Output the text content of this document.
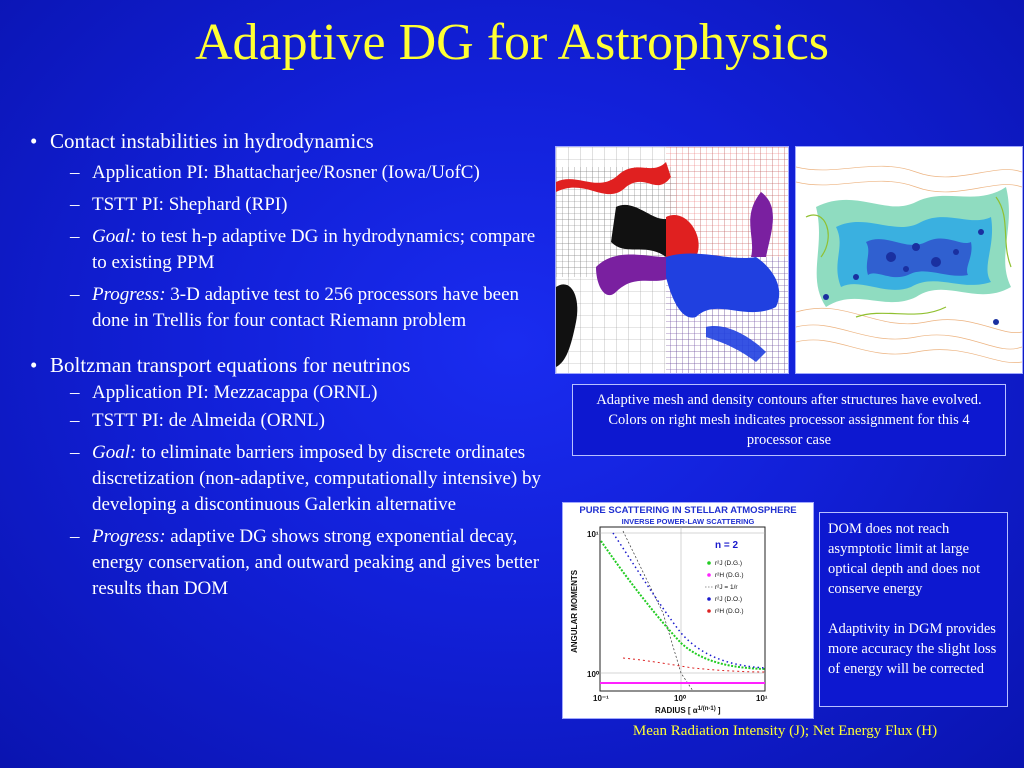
Adaptive DG for Astrophysics
• Contact instabilities in hydrodynamics
– Application PI: Bhattacharjee/Rosner (Iowa/UofC)
– TSTT PI: Shephard (RPI)
– Goal: to test h-p adaptive DG in hydrodynamics; compare to existing PPM
– Progress: 3-D adaptive test to 256 processors have been done in Trellis for four contact Riemann problem
• Boltzman transport equations for neutrinos
– Application PI: Mezzacappa (ORNL)
– TSTT PI: de Almeida (ORNL)
– Goal: to eliminate barriers imposed by discrete ordinates discretization (non-adaptive, computationally intensive) by developing a discontinuous Galerkin alternative
– Progress: adaptive DG shows strong exponential decay, energy conservation, and outward peaking and gives better results than DOM
Adaptive mesh and density contours after structures have evolved. Colors on right mesh indicates processor assignment for this 4 processor case
PURE SCATTERING IN STELLAR ATMOSPHERE
INVERSE POWER-LAW SCATTERING
n = 2
r²J (D.G.)
r²H (D.G.)
r²J = 1/r
r²J (D.O.)
r²H (D.O.)
ANGULAR MOMENTS
10¹
10⁰
10⁻¹	10⁰	10¹
RADIUS [ $\alpha^{1/(n-1)}$ ]

DOM does not reach asymptotic limit at large optical depth and does not conserve energy

Adaptivity in DGM provides more accuracy the slight loss of energy will be corrected

Mean Radiation Intensity (J); Net Energy Flux (H)
